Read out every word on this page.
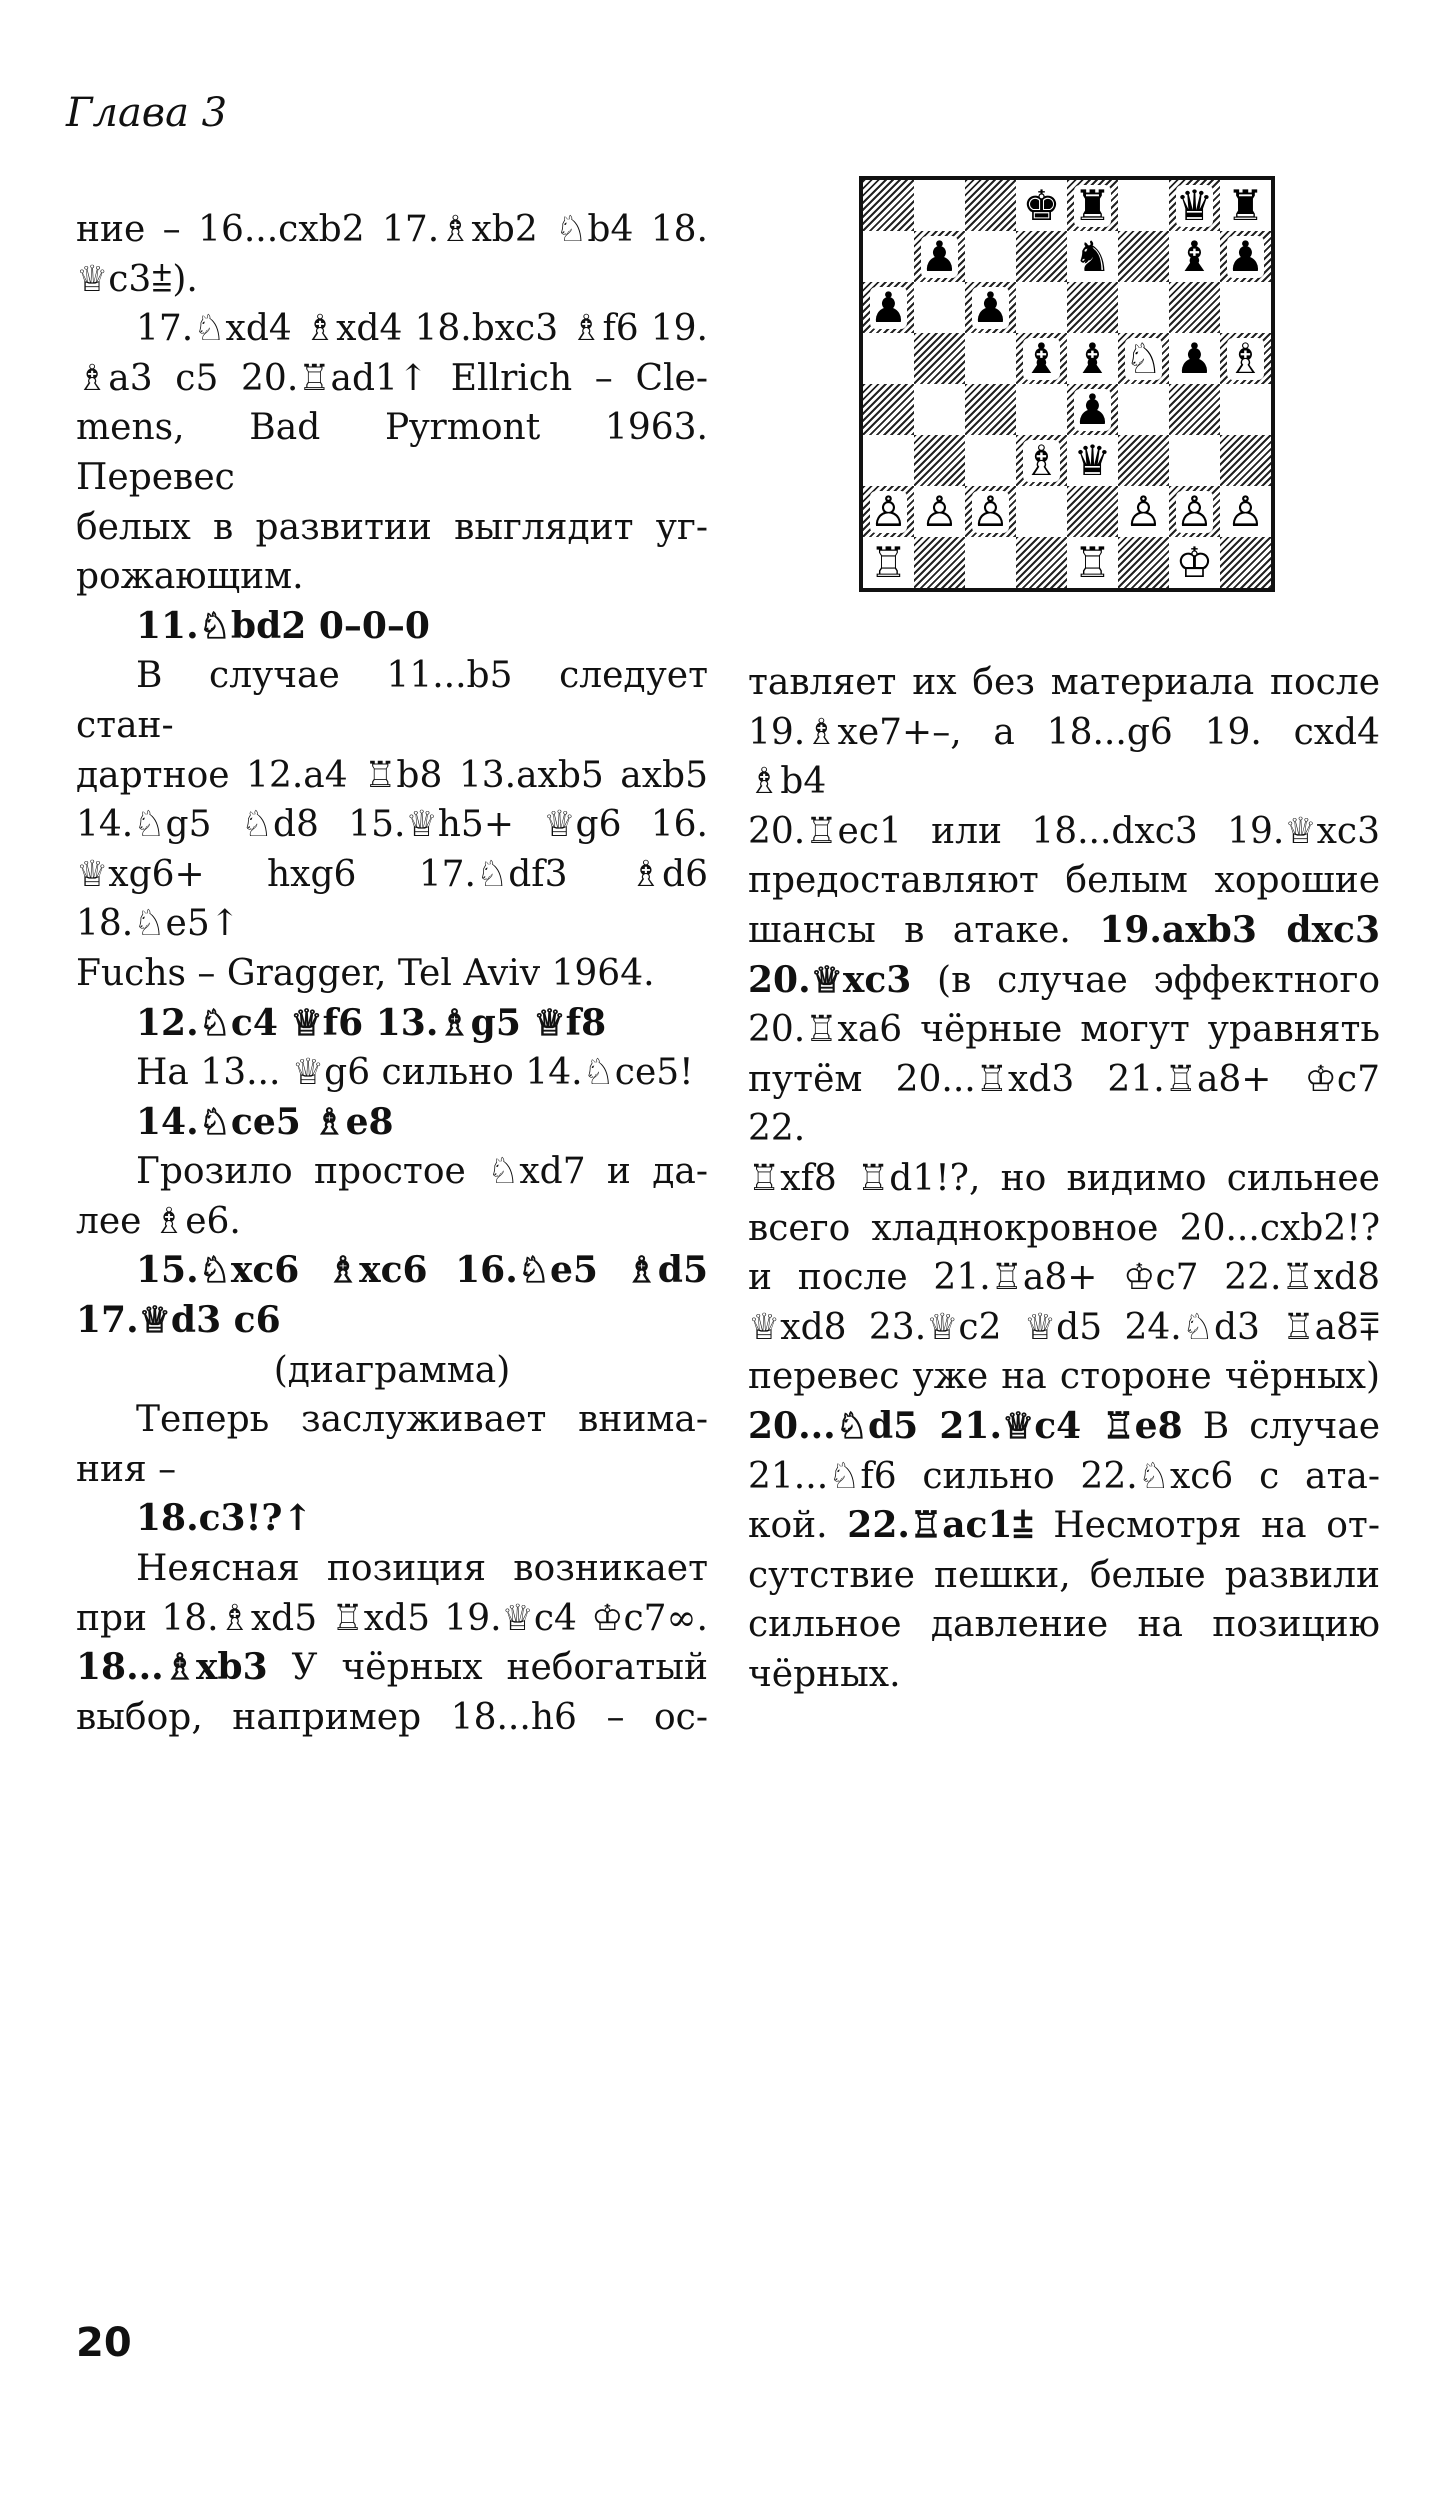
Глава 3

ние – 16...cxb2 17.♗xb2 ♘b4 18.

♕c3⩲).

17.♘xd4 ♗xd4 18.bxc3 ♗f6 19.

♗a3 c5 20.♖ad1↑ Ellrich – Cle-

mens, Bad Pyrmont 1963. Перевес

белых в развитии выглядит уг-

рожающим.

11.♘bd2 0–0–0

В случае 11...b5 следует стан-

дартное 12.a4 ♖b8 13.axb5 axb5

14.♘g5 ♘d8 15.♕h5+ ♕g6 16.

♕xg6+ hxg6 17.♘df3 ♗d6 18.♘e5↑

Fuchs – Gragger, Tel Aviv 1964.

12.♘c4 ♕f6 13.♗g5 ♕f8

На 13... ♕g6 сильно 14.♘ce5!

14.♘ce5 ♗e8

Грозило простое ♘xd7 и да-

лее ♗e6.

15.♘xc6 ♗xc6 16.♘e5 ♗d5

17.♕d3 c6

(диаграмма)

Теперь заслуживает внима-

ния –

18.c3!?↑

Неясная позиция возникает

при 18.♗xd5 ♖xd5 19.♕c4 ♔c7∞.

18...♗xb3 У чёрных небогатый

выбор, например 18...h6 – ос-

♚ ♜ ♛ ♜
♟	♞ ♝ ♟
♟ ♟
♝ ♝ ♘ ♟ ♗
♟
♗ ♛
♙ ♙ ♙	♙ ♙ ♙
♖	♖ ♔

тавляет их без материала после

19.♗xe7+–, а 18...g6 19. cxd4 ♗b4

20.♖ec1 или 18...dxc3 19.♕xc3

предоставляют белым хорошие

шансы в атаке. 19.axb3 dxc3

20.♕xc3 (в случае эффектного

20.♖xa6 чёрные могут уравнять

путём 20...♖xd3 21.♖a8+ ♔c7 22.

♖xf8 ♖d1!?, но видимо сильнее

всего хладнокровное 20...cxb2!?

и после 21.♖a8+ ♔c7 22.♖xd8

♕xd8 23.♕c2 ♕d5 24.♘d3 ♖a8⩱

перевес уже на стороне чёрных)

20...♘d5 21.♕c4 ♖e8 В случае

21...♘f6 сильно 22.♘xc6 с ата-

кой. 22.♖ac1⩲ Несмотря на от-

сутствие пешки, белые развили

сильное давление на позицию

чёрных.

20
